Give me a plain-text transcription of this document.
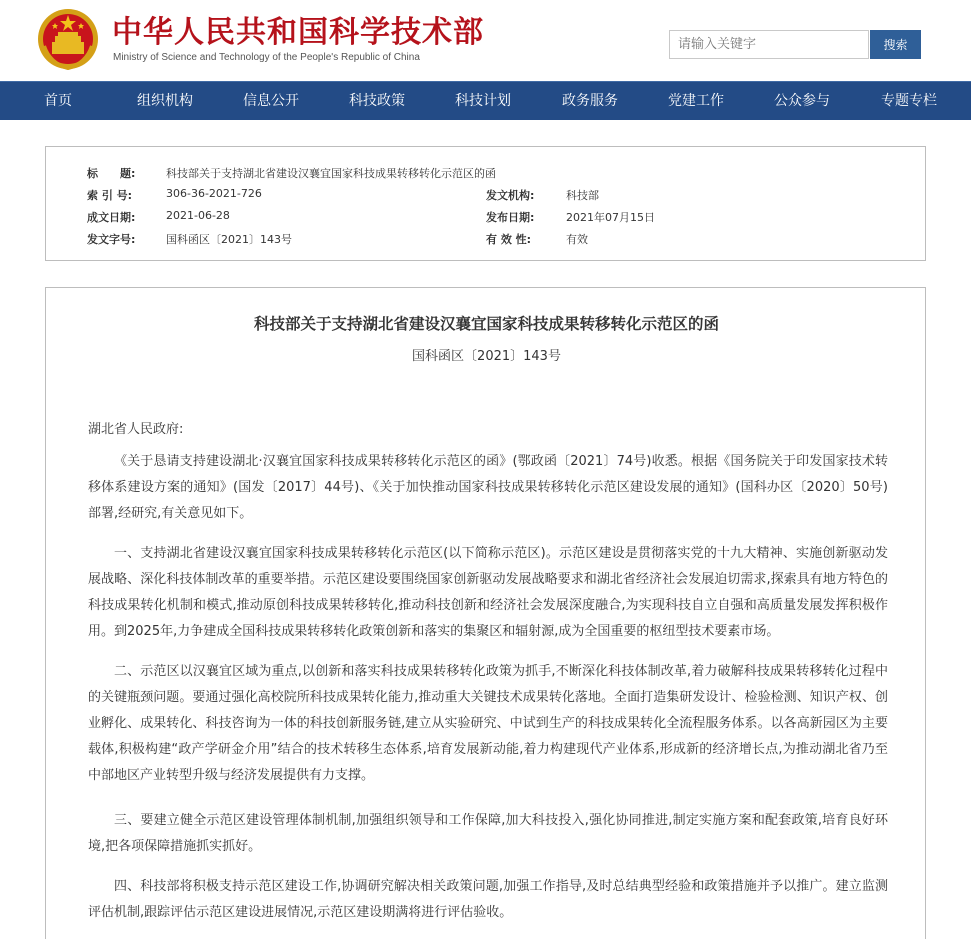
中华人民共和国科学技术部
Ministry of Science and Technology of the People's Republic of China
请输入关键字
搜索
首页	组织机构	信息公开	科技政策	科技计划	政务服务	党建工作	公众参与	专题专栏
标　　题:	科技部关于支持湖北省建设汉襄宜国家科技成果转移转化示范区的函
索 引 号:	306-36-2021-726	发文机构:	科技部
成文日期:	2021-06-28	发布日期:	2021年07月15日
发文字号:	国科函区〔2021〕143号	有 效 性:	有效
科技部关于支持湖北省建设汉襄宜国家科技成果转移转化示范区的函
国科函区〔2021〕143号
湖北省人民政府:

《关于恳请支持建设湖北·汉襄宜国家科技成果转移转化示范区的函》(鄂政函〔2021〕74号)收悉。根据《国务院关于印发国家技术转移体系建设方案的通知》(国发〔2017〕44号)、《关于加快推动国家科技成果转移转化示范区建设发展的通知》(国科办区〔2020〕50号)部署,经研究,有关意见如下。

一、支持湖北省建设汉襄宜国家科技成果转移转化示范区(以下简称示范区)。示范区建设是贯彻落实党的十九大精神、实施创新驱动发展战略、深化科技体制改革的重要举措。示范区建设要围绕国家创新驱动发展战略要求和湖北省经济社会发展迫切需求,探索具有地方特色的科技成果转化机制和模式,推动原创科技成果转移转化,推动科技创新和经济社会发展深度融合,为实现科技自立自强和高质量发展发挥积极作用。到2025年,力争建成全国科技成果转移转化政策创新和落实的集聚区和辐射源,成为全国重要的枢纽型技术要素市场。

二、示范区以汉襄宜区域为重点,以创新和落实科技成果转移转化政策为抓手,不断深化科技体制改革,着力破解科技成果转移转化过程中的关键瓶颈问题。要通过强化高校院所科技成果转化能力,推动重大关键技术成果转化落地。全面打造集研发设计、检验检测、知识产权、创业孵化、成果转化、科技咨询为一体的科技创新服务链,建立从实验研究、中试到生产的科技成果转化全流程服务体系。以各高新园区为主要载体,积极构建“政产学研金介用”结合的技术转移生态体系,培育发展新动能,着力构建现代产业体系,形成新的经济增长点,为推动湖北省乃至中部地区产业转型升级与经济发展提供有力支撑。

三、要建立健全示范区建设管理体制机制,加强组织领导和工作保障,加大科技投入,强化协同推进,制定实施方案和配套政策,培育良好环境,把各项保障措施抓实抓好。

四、科技部将积极支持示范区建设工作,协调研究解决相关政策问题,加强工作指导,及时总结典型经验和政策措施并予以推广。建立监测评估机制,跟踪评估示范区建设进展情况,示范区建设期满将进行评估验收。
